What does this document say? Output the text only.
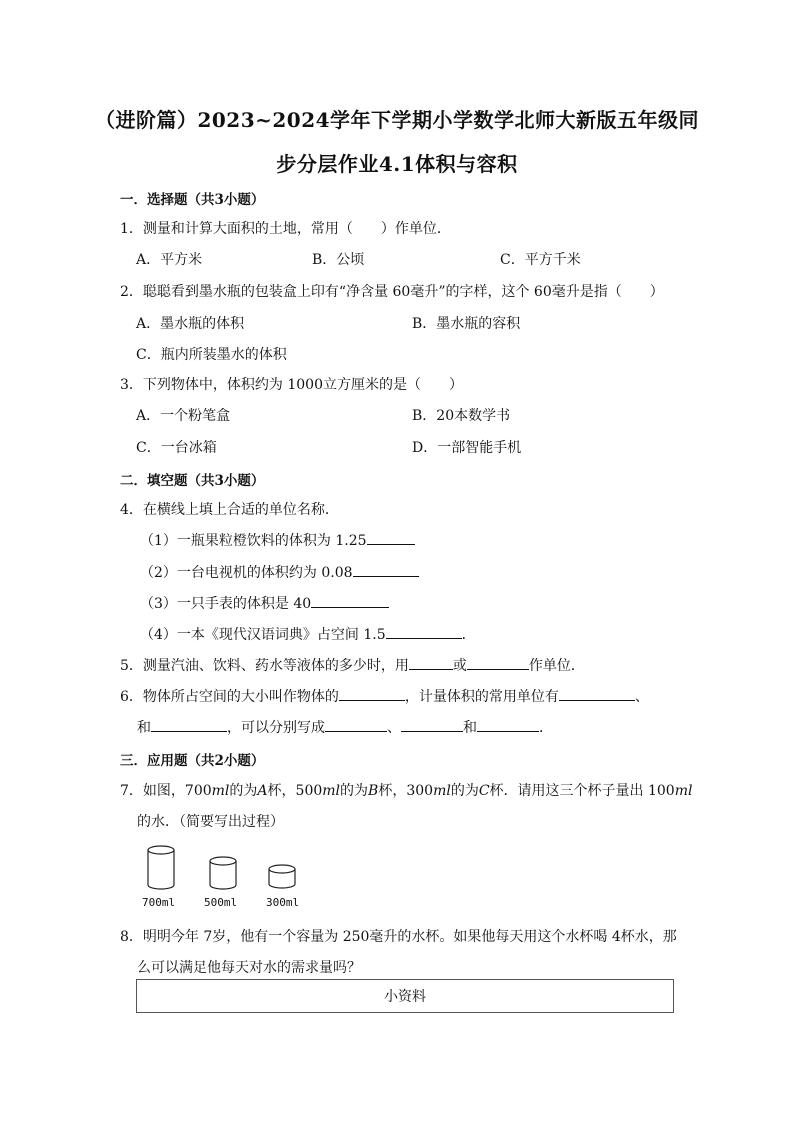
（进阶篇）2023~2024学年下学期小学数学北师大新版五年级同
步分层作业4.1体积与容积
一．选择题（共3小题）
1．测量和计算大面积的土地，常用（　　）作单位．
A．平方米	B．公顷	C．平方千米
2．聪聪看到墨水瓶的包装盒上印有“净含量 60毫升”的字样，这个 60毫升是指（　　）
A．墨水瓶的体积	B．墨水瓶的容积
C．瓶内所装墨水的体积
3．下列物体中，体积约为 1000立方厘米的是（　　）
A．一个粉笔盒	B．20本数学书
C．一台冰箱	D．一部智能手机
二．填空题（共3小题）
4．在横线上填上合适的单位名称．
（1）一瓶果粒橙饮料的体积为 1.25
（2）一台电视机的体积约为 0.08
（3）一只手表的体积是 40
（4）一本《现代汉语词典》占空间 1.5	．
5．测量汽油、饮料、药水等液体的多少时，用	或	作单位．
6．物体所占空间的大小叫作物体的	，计量体积的常用单位有	、
和	，可以分别写成	、	和	．
三．应用题（共2小题）
7．如图，700ml的为A杯，500ml的为B杯，300ml的为C杯．请用这三个杯子量出 100ml
的水．（简要写出过程）
700ml	500ml	300ml
8．明明今年 7岁，他有一个容量为 250毫升的水杯。如果他每天用这个水杯喝 4杯水，那
么可以满足他每天对水的需求量吗？
小资料
